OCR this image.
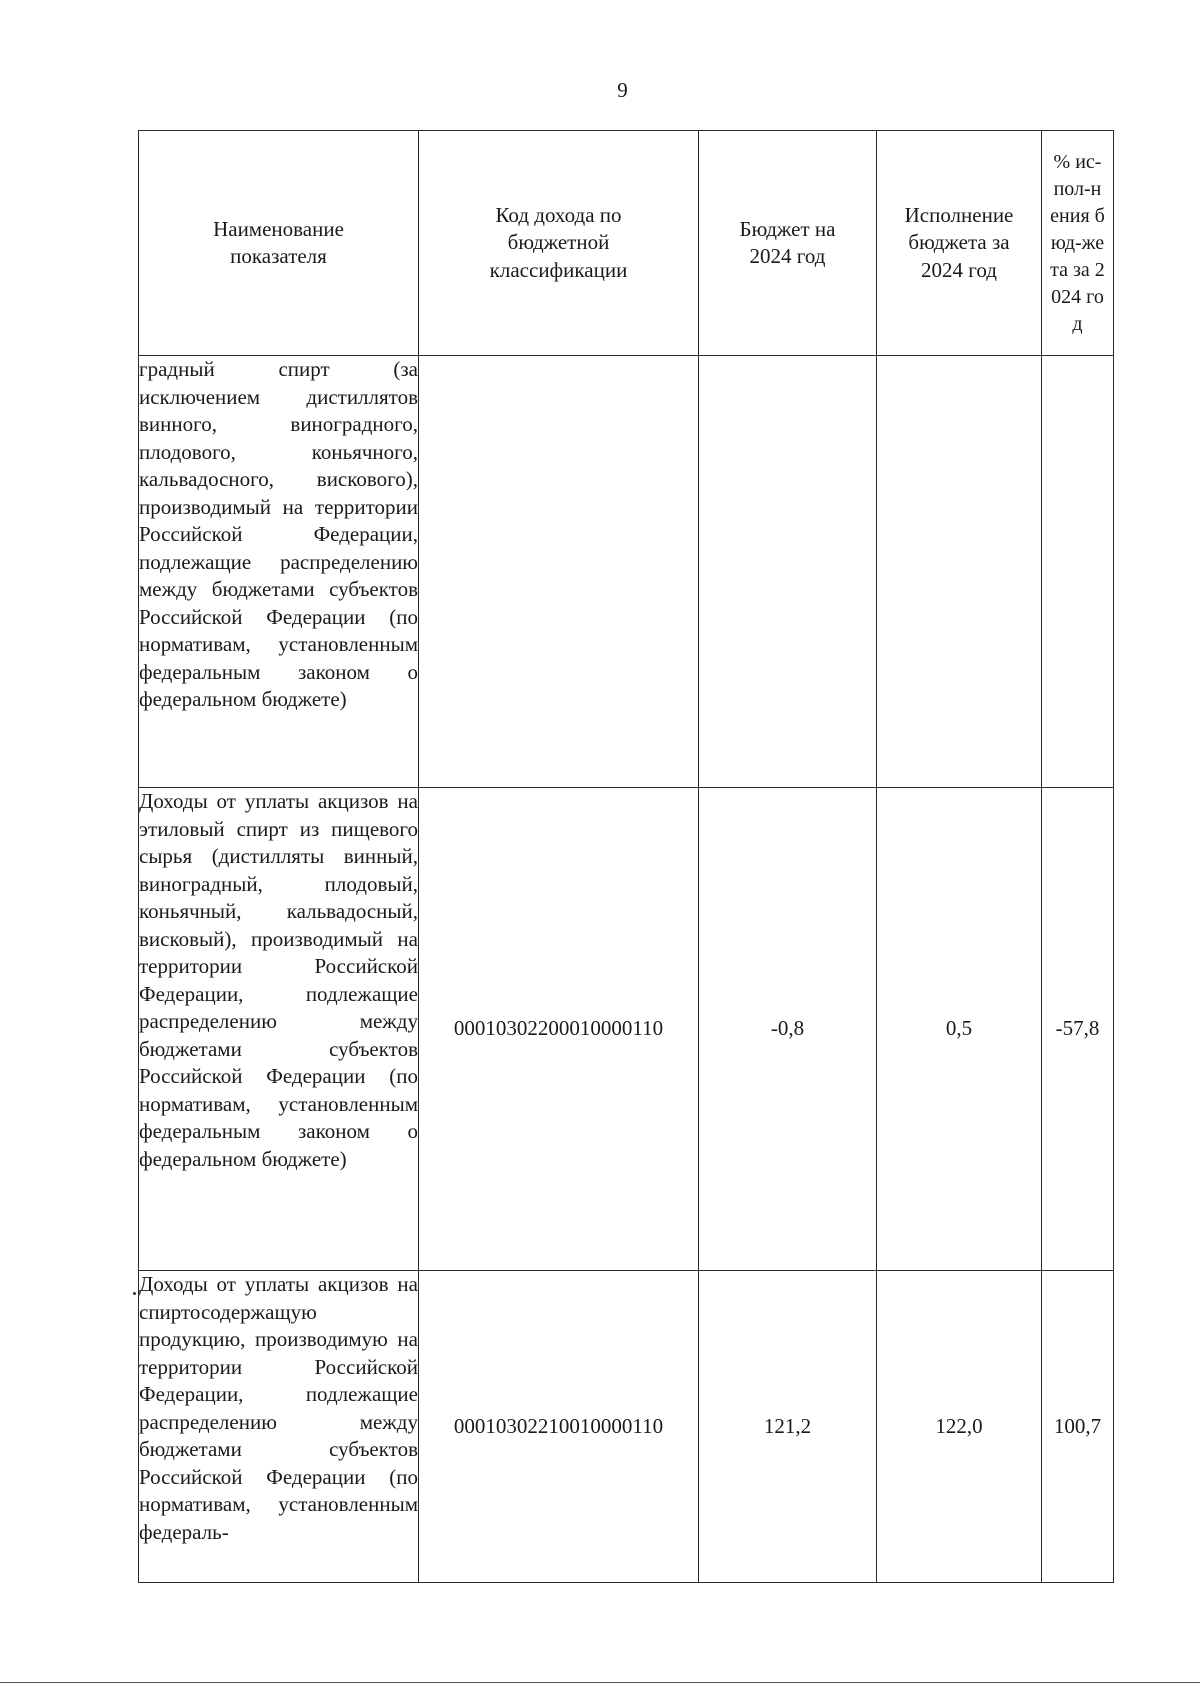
9
Наименование показателя	Код дохода по бюджетной классификации	Бюджет на 2024 год	Исполнение бюджета за 2024 год	% ис-пол-нения бюд-жета за 2024 год
градный спирт (за исключением дистиллятов винного, виноградного, плодового, коньячного, кальвадосного, вискового), производимый на территории Российской Федерации, подлежащие распределению между бюджетами субъектов Российской Федерации (по нормативам, установленным федеральным законом о федеральном бюджете)				
Доходы от уплаты акцизов на этиловый спирт из пищевого сырья (дистилляты винный, виноградный, плодовый, коньячный, кальвадосный, висковый), производимый на территории Российской Федерации, подлежащие распределению между бюджетами субъектов Российской Федерации (по нормативам, установленным федеральным законом о федеральном бюджете)	00010302200010000110	-0,8	0,5	-57,8
Доходы от уплаты акцизов на спиртосодержащую продукцию, производимую на территории Российской Федерации, подлежащие распределению между бюджетами субъектов Российской Федерации (по нормативам, установленным федераль-	00010302210010000110	121,2	122,0	100,7
